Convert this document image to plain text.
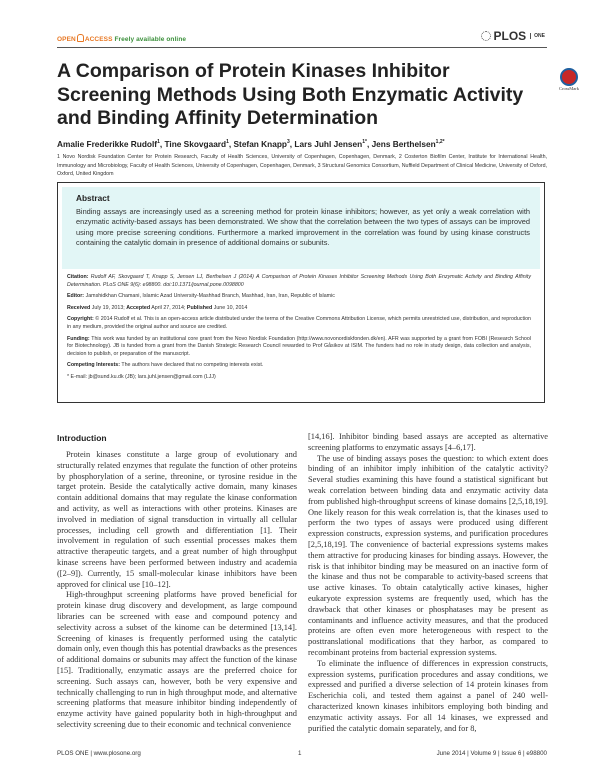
OPEN ACCESS Freely available online	PLOS	ONE
A Comparison of Protein Kinases Inhibitor Screening Methods Using Both Enzymatic Activity and Binding Affinity Determination
CrossMark
Amalie Frederikke Rudolf$^1$, Tine Skovgaard$^1$, Stefan Knapp$^3$, Lars Juhl Jensen$^{1*}$, Jens Berthelsen$^{1,2*}$
1 Novo Nordisk Foundation Center for Protein Research, Faculty of Health Sciences, University of Copenhagen, Copenhagen, Denmark, 2 Costerton Biofilm Center, Institute for International Health, Immunology and Microbiology, Faculty of Health Sciences, University of Copenhagen, Copenhagen, Denmark, 3 Structural Genomics Consortium, Nuffield Department of Clinical Medicine, University of Oxford, Oxford, United Kingdom
Abstract

Binding assays are increasingly used as a screening method for protein kinase inhibitors; however, as yet only a weak correlation with enzymatic activity-based assays has been demonstrated. We show that the correlation between the two types of assays can be improved using more precise screening conditions. Furthermore a marked improvement in the correlation was found by using kinase constructs containing the catalytic domain in presence of additional domains or subunits.

Citation: Rudolf AF, Skovgaard T, Knapp S, Jensen LJ, Berthelsen J (2014) A Comparison of Protein Kinases Inhibitor Screening Methods Using Both Enzymatic Activity and Binding Affinity Determination. PLoS ONE 9(6): e98800. doi:10.1371/journal.pone.0098800

Editor: Jamshidkhan Chamani, Islamic Azad University-Mashhad Branch, Mashhad, Iran, Iran, Republic of Islamic

Received July 19, 2013; Accepted April 27, 2014; Published June 10, 2014

Copyright: © 2014 Rudolf et al. This is an open-access article distributed under the terms of the Creative Commons Attribution License, which permits unrestricted use, distribution, and reproduction in any medium, provided the original author and source are credited.

Funding: This work was funded by an institutional core grant from the Novo Nordisk Foundation (http://www.novonordiskfonden.dk/en). AFR was supported by a grant from FOBI (Research School for Biotechnology). JB is funded from a grant from the Danish Strategic Research Council rewarded to Prof Gåsikov at ISIM. The funders had no role in study design, data collection and analysis, decision to publish, or preparation of the manuscript.

Competing Interests: The authors have declared that no competing interests exist.

* E-mail: jb@sund.ku.dk (JB); lars.juhl.jensen@gmail.com (LJJ)

Introduction

Protein kinases constitute a large group of evolutionary and structurally related enzymes that regulate the function of other proteins by phosphorylation of a serine, threonine, or tyrosine residue in the target protein. Beside the catalytically active domain, many kinases contain additional domains that may regulate the kinase conformation and activity, as well as interactions with other proteins. Kinases are involved in mediation of signal transduction in virtually all cellular processes, including cell growth and differentiation [1]. Their involvement in regulation of such essential processes makes them attractive therapeutic targets, and a great number of high throughput kinase screens have been performed between industry and academia ([2–9]). Currently, 15 small-molecular kinase inhibitors have been approved for clinical use [10–12].

High-throughput screening platforms have proved beneficial for protein kinase drug discovery and development, as large compound libraries can be screened with ease and compound potency and selectivity across a subset of the kinome can be determined [13,14]. Screening of kinases is frequently performed using the catalytic domain only, even though this has potential drawbacks as the presences of additional domains or subunits may affect the function of the kinase [15]. Traditionally, enzymatic assays are the preferred choice for screening. Such assays can, however, both be very expensive and technically challenging to run in high throughput mode, and alternative screening platforms that measure inhibitor binding independently of enzyme activity have gained popularity both in high-throughput and selectivity screening due to their economic and technical convenience

[14,16]. Inhibitor binding based assays are accepted as alternative screening platforms to enzymatic assays [4–6,17].

The use of binding assays poses the question: to which extent does binding of an inhibitor imply inhibition of the catalytic activity? Several studies examining this have found a statistical significant but weak correlation between binding data and enzymatic activity data from published high-throughput screens of kinase domains [2,5,18,19]. One likely reason for this weak correlation is, that the kinases used to perform the two types of assays were produced using different expression constructs, expression systems, and purification procedures [2,5,18,19]. The convenience of bacterial expressions systems makes them attractive for producing kinases for binding assays. However, the risk is that inhibitor binding may be measured on an inactive form of the kinase and thus not be comparable to activity-based screens that use active kinases. To obtain catalytically active kinases, higher eukaryote expression systems are frequently used, which has the drawback that other kinases or phosphatases may be present as contaminants and influence activity measures, and that the produced proteins are often even more heterogeneous with respect to the posttranslational modifications that they harbor, as compared to recombinant proteins from bacterial expression systems.

To eliminate the influence of differences in expression constructs, expression systems, purification procedures and assay conditions, we expressed and purified a diverse selection of 14 protein kinases from Escherichia coli, and tested them against a panel of 240 well-characterized known kinases inhibitors employing both binding and enzymatic activity assays. For all 14 kinases, we expressed and purified the catalytic domain separately, and for 8,

PLOS ONE | www.plosone.org	1	June 2014 | Volume 9 | Issue 6 | e98800
